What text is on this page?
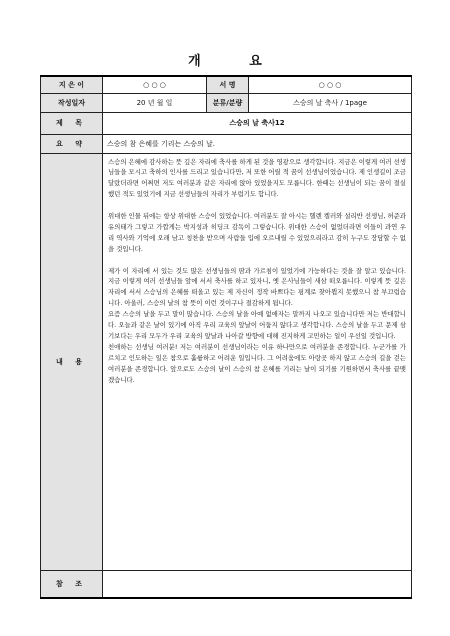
개 요
지 은 이	○ ○ ○	서 명	○ ○ ○
작성일자	20 년 월 일	분류/분량	스승의 날 축사 / 1page
제 목	스승의 날 축사12		
요 약	스승의 참 은혜를 기리는 스승의 날.		
내 용	스승의 은혜에 감사하는 뜻 깊은 자리에 축사를 하게 된 것을 영광으로 생각합니다. 지금은 이렇게 여러 선생님들을 모시고 축하의 인사를 드리고 있습니다만, 저 또한 어릴 적 꿈이 선생님이었습니다. 제 인생길이 조금 달랐더라면 어쩌면 저도 여러분과 같은 자리에 앉아 있었을지도 모릅니다. 한때는 선생님이 되는 꿈이 절실했던 적도 있었기에 지금 선생님들의 자리가 부럽기도 합니다.

위대한 인물 뒤에는 항상 위대한 스승이 있었습니다. 여러분도 잘 아시는 헬렌 켈러와 설리반 선생님, 허준과 유의태가 그렇고 가깝게는 박지성과 히딩크 감독이 그렇습니다. 위대한 스승이 없었더라면 이들이 과연 우리 역사와 기억에 오래 남고 칭찬을 받으며 사람들 입에 오르내릴 수 있었으리라고 감히 누구도 장담할 수 없을 것입니다.

제가 이 자리에 서 있는 것도 많은 선생님들의 땀과 가르침이 있었기에 가능하다는 것을 잘 알고 있습니다. 지금 이렇게 여러 선생님들 앞에 서서 축사를 하고 있자니, 옛 은사님들이 새삼 떠오릅니다. 이렇게 뜻 깊은 자리에 서서 스승님의 은혜를 떠올고 있는 제 자신이 정작 바쁘다는 핑계로 찾아뵙지 못했으니 참 부끄럽습니다. 아울러, 스승의 날의 참 뜻이 이런 것이구나 절감하게 됩니다.

요즘 스승의 날을 두고 말이 많습니다. 스승의 날을 아예 없애자는 말까지 나오고 있습니다만 저는 반대합니다. 오늘과 같은 날이 있기에 아직 우리 교육의 앞날이 어둡지 않다고 생각합니다. 스승의 날을 두고 문제 삼기보다는 우리 모두가 우리 교육의 앞날과 나아갈 방향에 대해 진지하게 고민하는 일이 우선일 것입니다.

친애하는 선생님 여러분! 저는 여러분이 선생님이라는 이유 하나만으로 여러분을 존경합니다. 누군가를 가르치고 인도하는 일은 참으로 훌륭하고 어려운 일입니다. 그 어려움에도 아랑곳 하지 않고 스승의 길을 걷는 여러분을 존경합니다. 앞으로도 스승의 날이 스승의 참 은혜를 기리는 날이 되기를 기원하면서 축사를 끝맺겠습니다.		

참 조			
